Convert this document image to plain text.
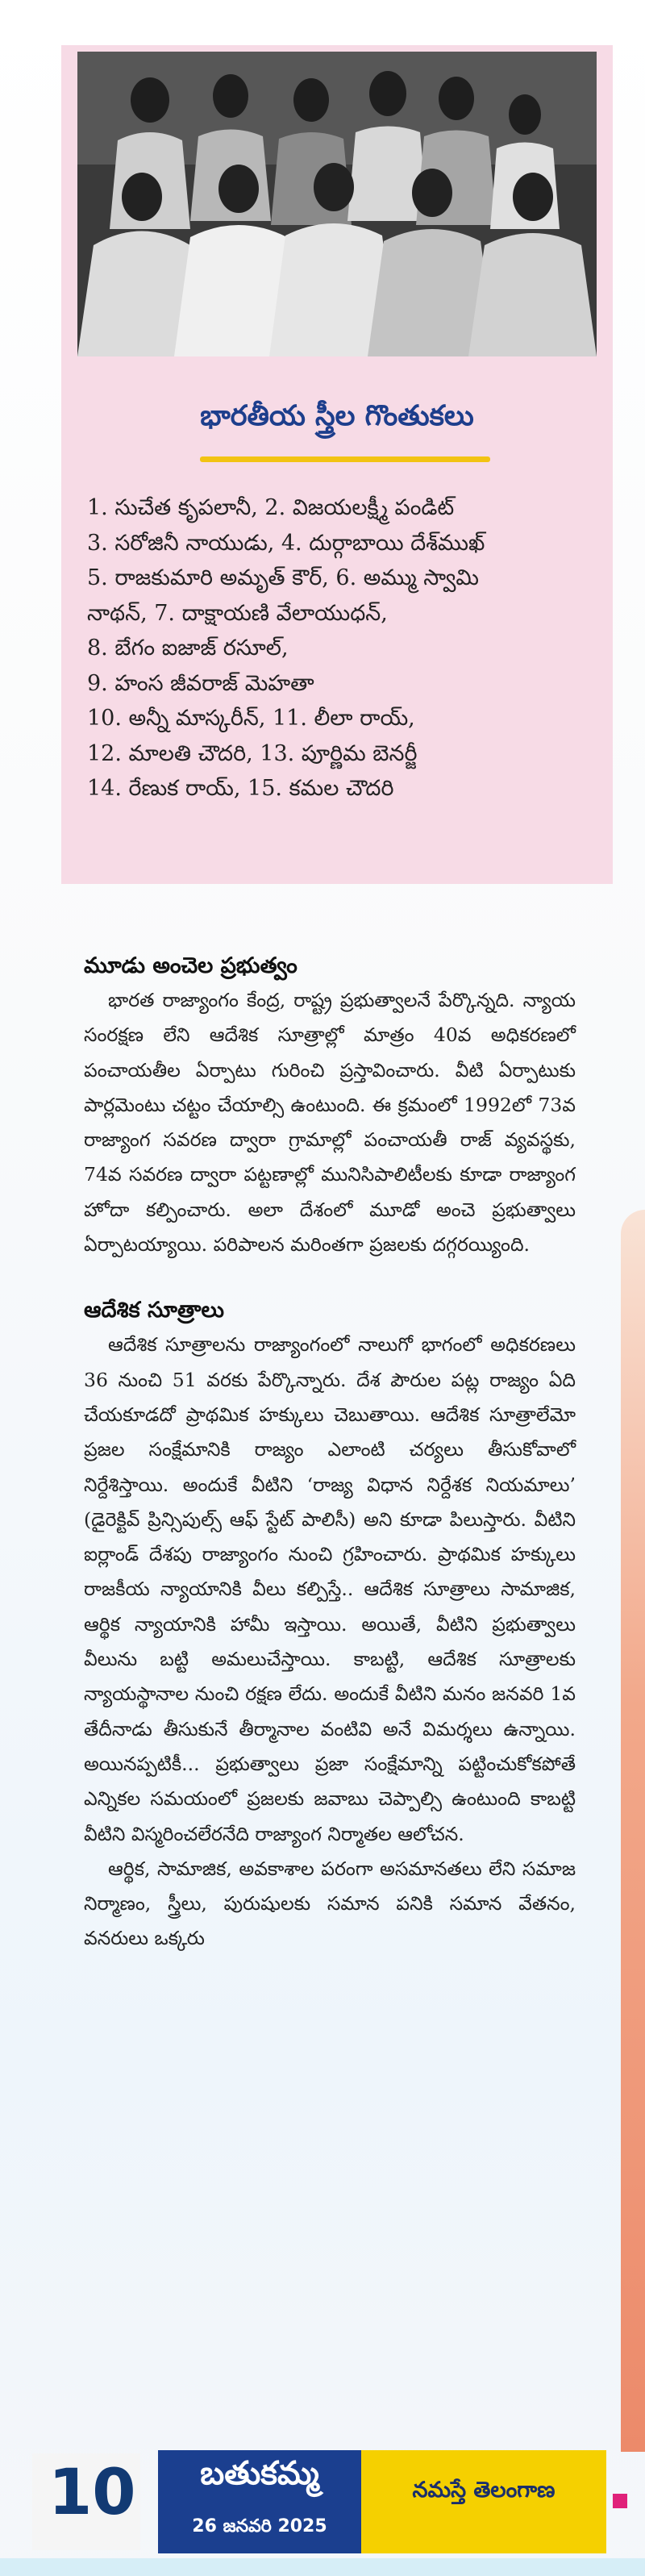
భారతీయ స్త్రీల గొంతుకలు
1. సుచేత కృపలానీ, 2. విజయలక్ష్మీ పండిట్
3. సరోజినీ నాయుడు, 4. దుర్గాబాయి దేశ్‌ముఖ్
5. రాజకుమారి అమృత్ కౌర్, 6. అమ్ము స్వామి
నాథన్, 7. దాక్షాయణి వేలాయుధన్,
8. బేగం ఐజాజ్ రసూల్,
9. హంస జీవరాజ్ మెహతా
10. అన్నీ మాస్కరీన్, 11. లీలా రాయ్,
12. మాలతి చౌదరి, 13. పూర్ణిమ బెనర్జీ
14. రేణుక రాయ్, 15. కమల చౌదరి
మూడు అంచెల ప్రభుత్వం
భారత రాజ్యాంగం కేంద్ర, రాష్ట్ర ప్రభుత్వాలనే పేర్కొన్నది. న్యాయ సంరక్షణ లేని ఆదేశిక సూత్రాల్లో మాత్రం 40వ అధికరణలో పంచాయతీల ఏర్పాటు గురించి ప్రస్తావించారు. వీటి ఏర్పాటుకు పార్లమెంటు చట్టం చేయాల్సి ఉంటుంది. ఈ క్రమంలో 1992లో 73వ రాజ్యాంగ సవరణ ద్వారా గ్రామాల్లో పంచాయతీ రాజ్ వ్యవస్థకు, 74వ సవరణ ద్వారా పట్టణాల్లో మునిసిపాలిటీలకు కూడా రాజ్యాంగ హోదా కల్పించారు. అలా దేశంలో మూడో అంచె ప్రభుత్వాలు ఏర్పాటయ్యాయి. పరిపాలన మరింతగా ప్రజలకు దగ్గరయ్యింది.
ఆదేశిక సూత్రాలు
ఆదేశిక సూత్రాలను రాజ్యాంగంలో నాలుగో భాగంలో అధికరణలు 36 నుంచి 51 వరకు పేర్కొన్నారు. దేశ పౌరుల పట్ల రాజ్యం ఏది చేయకూడదో ప్రాథమిక హక్కులు చెబుతాయి. ఆదేశిక సూత్రాలేమో ప్రజల సంక్షేమానికి రాజ్యం ఎలాంటి చర్యలు తీసుకోవాలో నిర్దేశిస్తాయి. అందుకే వీటిని ‘రాజ్య విధాన నిర్దేశక నియమాలు’ (డైరెక్టివ్ ప్రిన్సిపుల్స్ ఆఫ్ స్టేట్ పాలిసీ) అని కూడా పిలుస్తారు. వీటిని ఐర్లాండ్ దేశపు రాజ్యాంగం నుంచి గ్రహించారు. ప్రాథమిక హక్కులు రాజకీయ న్యాయానికి వీలు కల్పిస్తే.. ఆదేశిక సూత్రాలు సామాజిక, ఆర్థిక న్యాయానికి హామీ ఇస్తాయి. అయితే, వీటిని ప్రభుత్వాలు వీలును బట్టి అమలుచేస్తాయి. కాబట్టి, ఆదేశిక సూత్రాలకు న్యాయస్థానాల నుంచి రక్షణ లేదు. అందుకే వీటిని మనం జనవరి 1వ తేదీనాడు తీసుకునే తీర్మానాల వంటివి అనే విమర్శలు ఉన్నాయి. అయినప్పటికీ... ప్రభుత్వాలు ప్రజా సంక్షేమాన్ని పట్టించుకోకపోతే ఎన్నికల సమయంలో ప్రజలకు జవాబు చెప్పాల్సి ఉంటుంది కాబట్టి వీటిని విస్మరించలేరనేది రాజ్యాంగ నిర్మాతల ఆలోచన.
ఆర్థిక, సామాజిక, అవకాశాల పరంగా అసమానతలు లేని సమాజ నిర్మాణం, స్త్రీలు, పురుషులకు సమాన పనికి సమాన వేతనం, వనరులు ఒక్కరు
10	బతుకమ్మ
26 జనవరి 2025
నమస్తే తెలంగాణ
